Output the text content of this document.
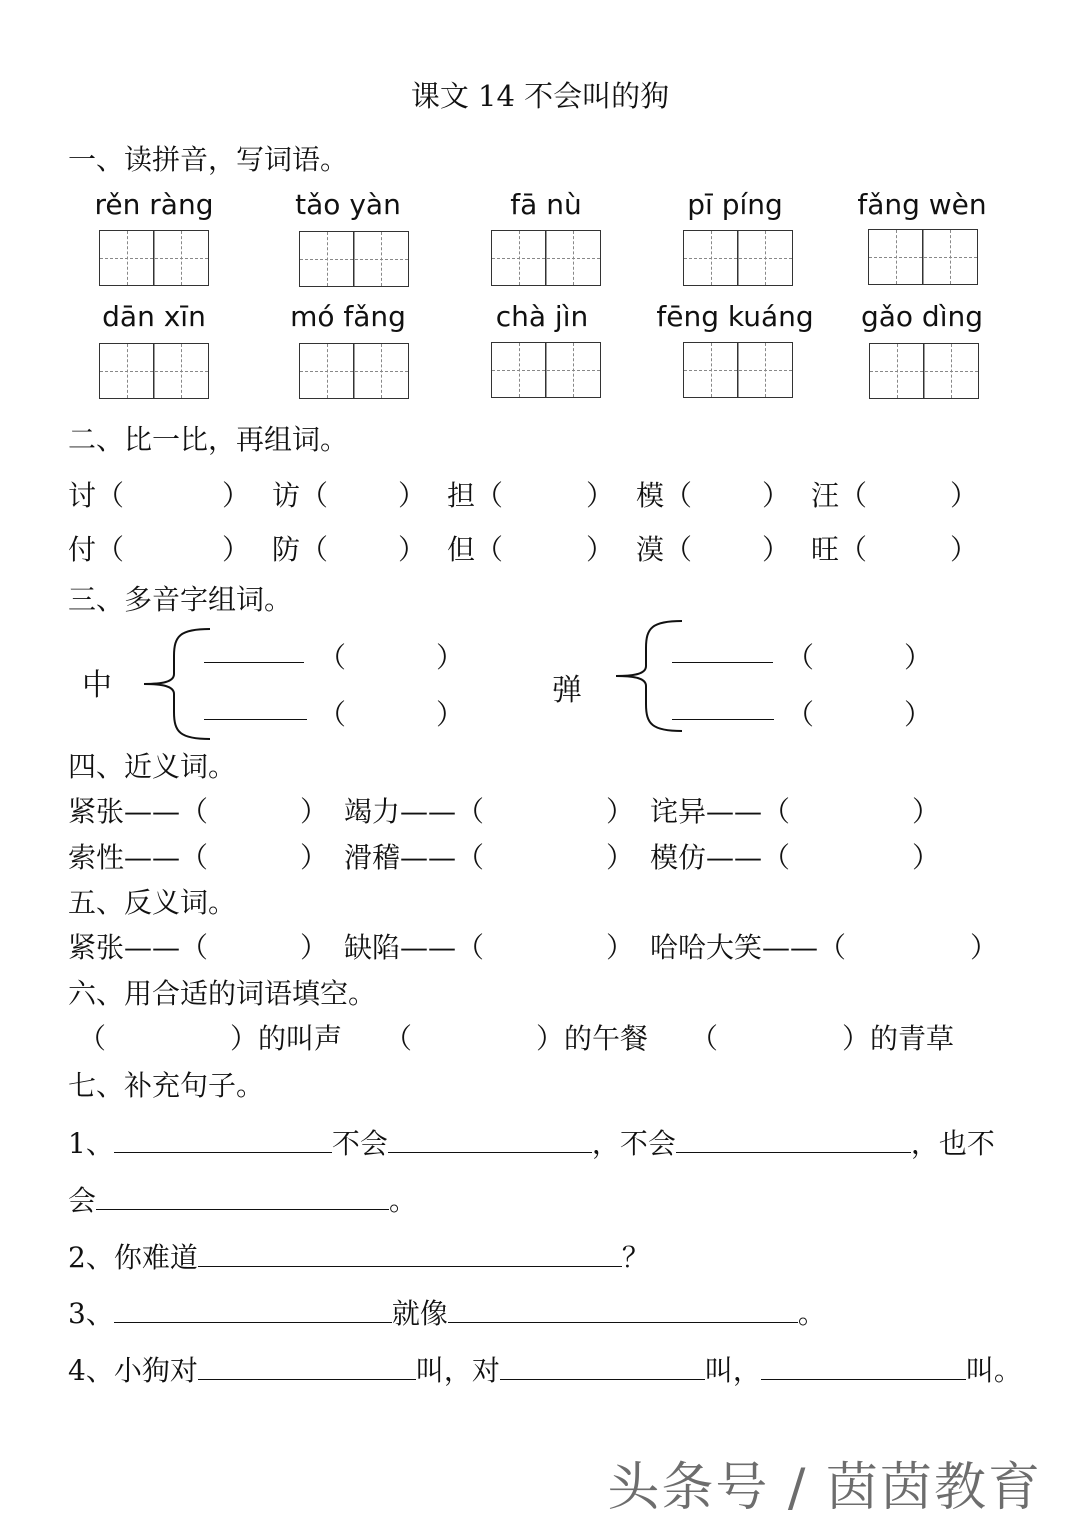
课文 14 不会叫的狗
一、读拼音，写词语。
rěn ràng	tǎo yàn	fā nù	pī píng	fǎng wèn
dān xīn	mó fǎng	chà jìn	fēng kuáng	gǎo dìng
二、比一比，再组词。
讨（	） 访（ ） 担（	） 模（ ） 汪（	）
付（	） 防（ ） 但（	） 漠（ ） 旺（	）
三、多音字组词。
中
（	）
（	）
弹
（	）
（	）
四、近义词。
紧张——（	） 竭力——（	） 诧异——（	）
索性——（	） 滑稽——（	） 模仿——（	）
五、反义词。
紧张——（	） 缺陷——（	） 哈哈大笑——（	）
六、用合适的词语填空。
（	）的叫声 （	）的午餐 （	）的青草
七、补充句子。
1、	不会	，不会	，也不
会	。
2、你难道	？
3、	就像	。
4、小狗对	叫，对	叫，	叫。
头条号 / 茵茵教育
